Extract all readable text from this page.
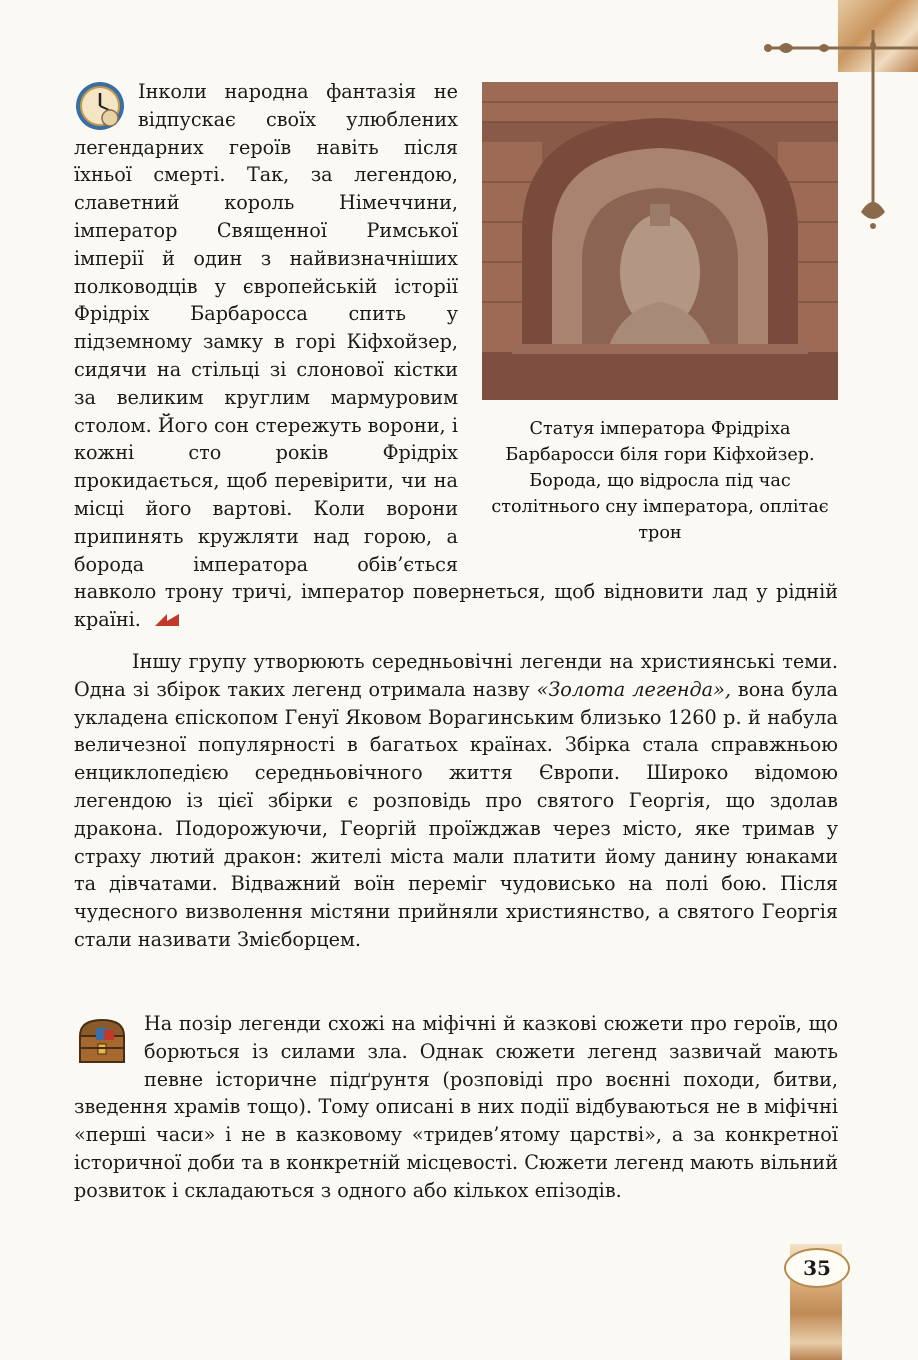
Статуя імператора Фрідріха Барбаросси біля гори Кіфхойзер. Борода, що відросла під час столітнього сну імператора, оплітає трон
Інколи народна фантазія не відпускає своїх улюблених легендарних героїв навіть після їхньої смерті. Так, за легендою, славетний король Німеччини, імператор Священної Римської імперії й один з найвизначніших полководців у європейській історії Фрідріх Барбаросса спить у підземному замку в горі Кіфхойзер, сидячи на стільці зі слонової кістки за великим круглим мармуровим столом. Його сон стережуть ворони, і кожні сто років Фрідріх прокидається, щоб перевірити, чи на місці його вартові. Коли ворони припинять кружляти над горою, а борода імператора обів’ється навколо трону тричі, імператор повернеться, щоб відновити лад у рідній країні.

Іншу групу утворюють середньовічні легенди на християнські теми. Одна зі збірок таких легенд отримала назву «Золота легенда», вона була укладена єпіскопом Генуї Яковом Ворагинським близько 1260 р. й набула величезної популярності в багатьох країнах. Збірка стала справжньою енциклопедією середньовічного життя Європи. Широко відомою легендою із цієї збірки є розповідь про святого Георгія, що здолав дракона. Подорожуючи, Георгій проїжджав через місто, яке тримав у страху лютий дракон: жителі міста мали платити йому данину юнаками та дівчатами. Відважний воїн переміг чудовисько на полі бою. Після чудесного визволення містяни прийняли християнство, а святого Георгія стали називати Змієборцем.

На позір легенди схожі на міфічні й казкові сюжети про героїв, що борються із силами зла. Однак сюжети легенд зазвичай мають певне історичне підґрунтя (розповіді про воєнні походи, битви, зведення храмів тощо). Тому описані в них події відбуваються не в міфічні «перші часи» і не в казковому «тридев’ятому царстві», а за конкретної історичної доби та в конкретній місцевості. Сюжети легенд мають вільний розвиток і складаються з одного або кількох епізодів.
35
